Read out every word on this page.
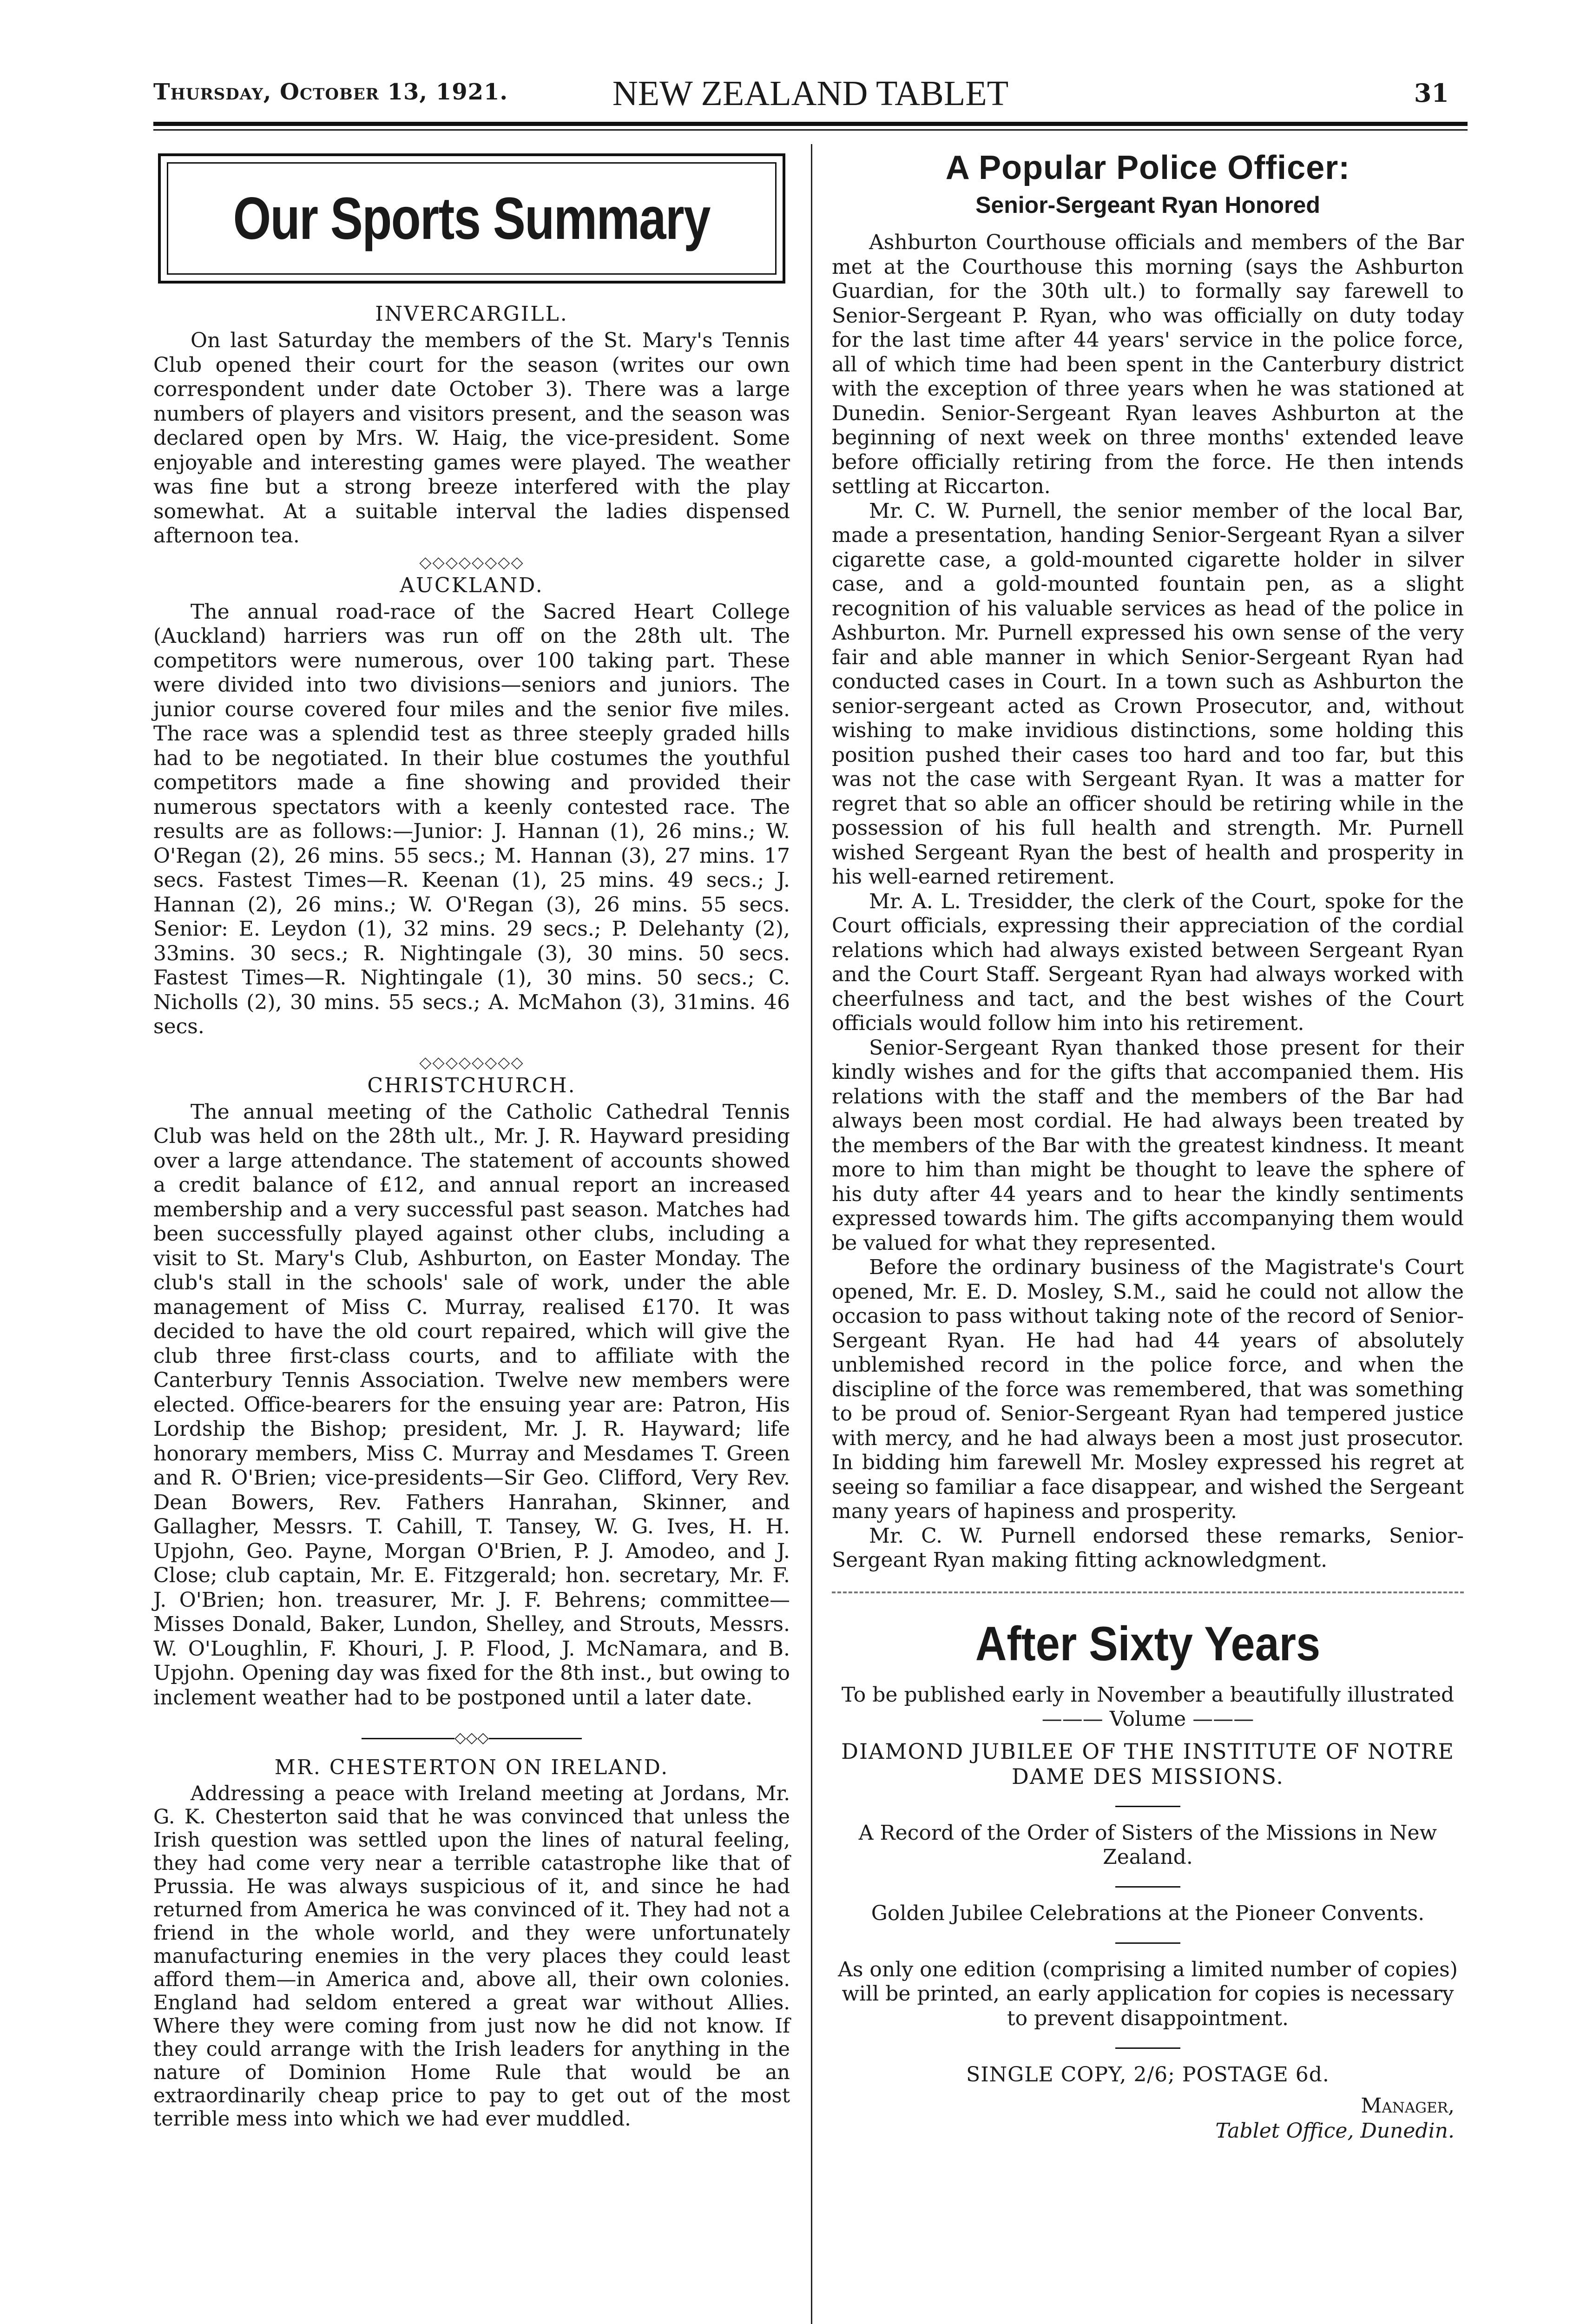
Thursday, October 13, 1921.	NEW ZEALAND TABLET	31
Our Sports Summary
INVERCARGILL.

On last Saturday the members of the St. Mary's Tennis Club opened their court for the season (writes our own correspondent under date October 3). There was a large numbers of players and visitors present, and the season was declared open by Mrs. W. Haig, the vice-president. Some enjoyable and interesting games were played. The weather was fine but a strong breeze interfered with the play somewhat. At a suitable interval the ladies dispensed afternoon tea.

◇◇◇◇◇◇◇◇
AUCKLAND.

The annual road-race of the Sacred Heart College (Auckland) harriers was run off on the 28th ult. The competitors were numerous, over 100 taking part. These were divided into two divisions—seniors and juniors. The junior course covered four miles and the senior five miles. The race was a splendid test as three steeply graded hills had to be negotiated. In their blue costumes the youthful competitors made a fine showing and provided their numerous spectators with a keenly contested race. The results are as follows:—Junior: J. Hannan (1), 26 mins.; W. O'Regan (2), 26 mins. 55 secs.; M. Hannan (3), 27 mins. 17 secs. Fastest Times—R. Keenan (1), 25 mins. 49 secs.; J. Hannan (2), 26 mins.; W. O'Regan (3), 26 mins. 55 secs. Senior: E. Leydon (1), 32 mins. 29 secs.; P. Delehanty (2), 33mins. 30 secs.; R. Nightingale (3), 30 mins. 50 secs. Fastest Times—R. Nightingale (1), 30 mins. 50 secs.; C. Nicholls (2), 30 mins. 55 secs.; A. McMahon (3), 31mins. 46 secs.

◇◇◇◇◇◇◇◇
CHRISTCHURCH.

The annual meeting of the Catholic Cathedral Tennis Club was held on the 28th ult., Mr. J. R. Hayward presiding over a large attendance. The statement of accounts showed a credit balance of £12, and annual report an increased membership and a very successful past season. Matches had been successfully played against other clubs, including a visit to St. Mary's Club, Ashburton, on Easter Monday. The club's stall in the schools' sale of work, under the able management of Miss C. Murray, realised £170. It was decided to have the old court repaired, which will give the club three first-class courts, and to affiliate with the Canterbury Tennis Association. Twelve new members were elected. Office-bearers for the ensuing year are: Patron, His Lordship the Bishop; president, Mr. J. R. Hayward; life honorary members, Miss C. Murray and Mesdames T. Green and R. O'Brien; vice-presidents—Sir Geo. Clifford, Very Rev. Dean Bowers, Rev. Fathers Hanrahan, Skinner, and Gallagher, Messrs. T. Cahill, T. Tansey, W. G. Ives, H. H. Upjohn, Geo. Payne, Morgan O'Brien, P. J. Amodeo, and J. Close; club captain, Mr. E. Fitzgerald; hon. secretary, Mr. F. J. O'Brien; hon. treasurer, Mr. J. F. Behrens; committee—Misses Donald, Baker, Lundon, Shelley, and Strouts, Messrs. W. O'Loughlin, F. Khouri, J. P. Flood, J. McNamara, and B. Upjohn. Opening day was fixed for the 8th inst., but owing to inclement weather had to be postponed until a later date.

◇◇◇
MR. CHESTERTON ON IRELAND.

Addressing a peace with Ireland meeting at Jordans, Mr. G. K. Chesterton said that he was convinced that unless the Irish question was settled upon the lines of natural feeling, they had come very near a terrible catastrophe like that of Prussia. He was always suspicious of it, and since he had returned from America he was convinced of it. They had not a friend in the whole world, and they were unfortunately manufacturing enemies in the very places they could least afford them—in America and, above all, their own colonies. England had seldom entered a great war without Allies. Where they were coming from just now he did not know. If they could arrange with the Irish leaders for anything in the nature of Dominion Home Rule that would be an extraordinarily cheap price to pay to get out of the most terrible mess into which we had ever muddled.

A Popular Police Officer:
Senior-Sergeant Ryan Honored

Ashburton Courthouse officials and members of the Bar met at the Courthouse this morning (says the Ashburton Guardian, for the 30th ult.) to formally say farewell to Senior-Sergeant P. Ryan, who was officially on duty today for the last time after 44 years' service in the police force, all of which time had been spent in the Canterbury district with the exception of three years when he was stationed at Dunedin. Senior-Sergeant Ryan leaves Ashburton at the beginning of next week on three months' extended leave before officially retiring from the force. He then intends settling at Riccarton.

Mr. C. W. Purnell, the senior member of the local Bar, made a presentation, handing Senior-Sergeant Ryan a silver cigarette case, a gold-mounted cigarette holder in silver case, and a gold-mounted fountain pen, as a slight recognition of his valuable services as head of the police in Ashburton. Mr. Purnell expressed his own sense of the very fair and able manner in which Senior-Sergeant Ryan had conducted cases in Court. In a town such as Ashburton the senior-sergeant acted as Crown Prosecutor, and, without wishing to make invidious distinctions, some holding this position pushed their cases too hard and too far, but this was not the case with Sergeant Ryan. It was a matter for regret that so able an officer should be retiring while in the possession of his full health and strength. Mr. Purnell wished Sergeant Ryan the best of health and prosperity in his well-earned retirement.

Mr. A. L. Tresidder, the clerk of the Court, spoke for the Court officials, expressing their appreciation of the cordial relations which had always existed between Sergeant Ryan and the Court Staff. Sergeant Ryan had always worked with cheerfulness and tact, and the best wishes of the Court officials would follow him into his retirement.

Senior-Sergeant Ryan thanked those present for their kindly wishes and for the gifts that accompanied them. His relations with the staff and the members of the Bar had always been most cordial. He had always been treated by the members of the Bar with the greatest kindness. It meant more to him than might be thought to leave the sphere of his duty after 44 years and to hear the kindly sentiments expressed towards him. The gifts accompanying them would be valued for what they represented.

Before the ordinary business of the Magistrate's Court opened, Mr. E. D. Mosley, S.M., said he could not allow the occasion to pass without taking note of the record of Senior-Sergeant Ryan. He had had 44 years of absolutely unblemished record in the police force, and when the discipline of the force was remembered, that was something to be proud of. Senior-Sergeant Ryan had tempered justice with mercy, and he had always been a most just prosecutor. In bidding him farewell Mr. Mosley expressed his regret at seeing so familiar a face disappear, and wished the Sergeant many years of hapiness and prosperity.

Mr. C. W. Purnell endorsed these remarks, Senior-Sergeant Ryan making fitting acknowledgment.

After Sixty Years
To be published early in November a beautifully illustrated
——— Volume ———
DIAMOND JUBILEE OF THE INSTITUTE OF NOTRE DAME DES MISSIONS.
A Record of the Order of Sisters of the Missions in New Zealand.
Golden Jubilee Celebrations at the Pioneer Convents.

As only one edition (comprising a limited number of copies) will be printed, an early application for copies is necessary to prevent disappointment.

SINGLE COPY, 2/6; POSTAGE 6d.
Manager,
Tablet Office, Dunedin.
